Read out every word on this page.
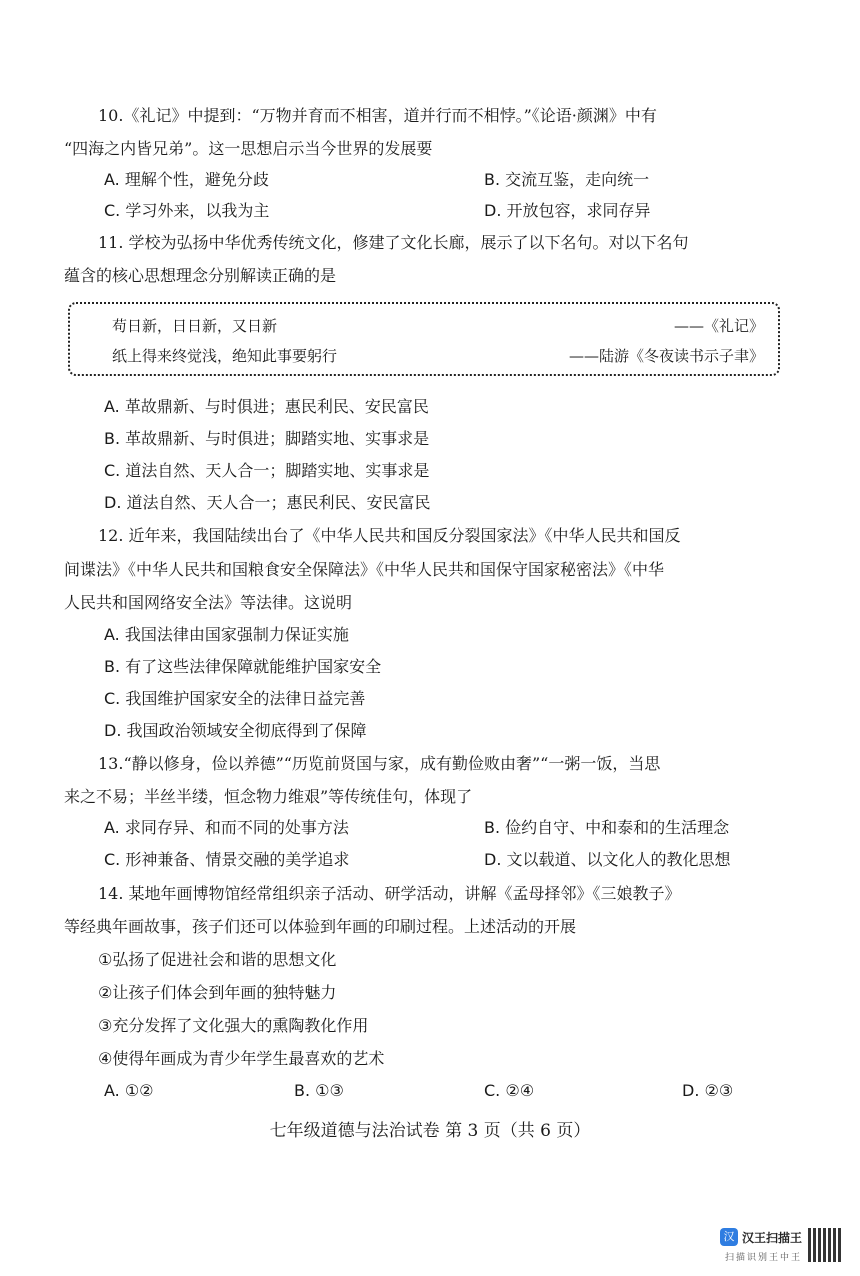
10.《礼记》中提到：“万物并育而不相害，道并行而不相悖。”《论语·颜渊》中有
“四海之内皆兄弟”。这一思想启示当今世界的发展要
A. 理解个性，避免分歧	B. 交流互鉴，走向统一
C. 学习外来，以我为主	D. 开放包容，求同存异
11. 学校为弘扬中华优秀传统文化，修建了文化长廊，展示了以下名句。对以下名句
蕴含的核心思想理念分别解读正确的是
苟日新，日日新，又日新	——《礼记》
纸上得来终觉浅，绝知此事要躬行	——陆游《冬夜读书示子聿》
A. 革故鼎新、与时俱进；惠民利民、安民富民
B. 革故鼎新、与时俱进；脚踏实地、实事求是
C. 道法自然、天人合一；脚踏实地、实事求是
D. 道法自然、天人合一；惠民利民、安民富民
12. 近年来，我国陆续出台了《中华人民共和国反分裂国家法》《中华人民共和国反
间谍法》《中华人民共和国粮食安全保障法》《中华人民共和国保守国家秘密法》《中华
人民共和国网络安全法》等法律。这说明
A. 我国法律由国家强制力保证实施
B. 有了这些法律保障就能维护国家安全
C. 我国维护国家安全的法律日益完善
D. 我国政治领域安全彻底得到了保障
13.“静以修身，俭以养德”“历览前贤国与家，成有勤俭败由奢”“一粥一饭，当思
来之不易；半丝半缕，恒念物力维艰”等传统佳句，体现了
A. 求同存异、和而不同的处事方法	B. 俭约自守、中和泰和的生活理念
C. 形神兼备、情景交融的美学追求	D. 文以载道、以文化人的教化思想
14. 某地年画博物馆经常组织亲子活动、研学活动，讲解《孟母择邻》《三娘教子》
等经典年画故事，孩子们还可以体验到年画的印刷过程。上述活动的开展
①弘扬了促进社会和谐的思想文化
②让孩子们体会到年画的独特魅力
③充分发挥了文化强大的熏陶教化作用
④使得年画成为青少年学生最喜欢的艺术
A. ①②	B. ①③	C. ②④	D. ②③
七年级道德与法治试卷 第 3 页（共 6 页）
汉 汉王扫描王
扫描识别王中王
